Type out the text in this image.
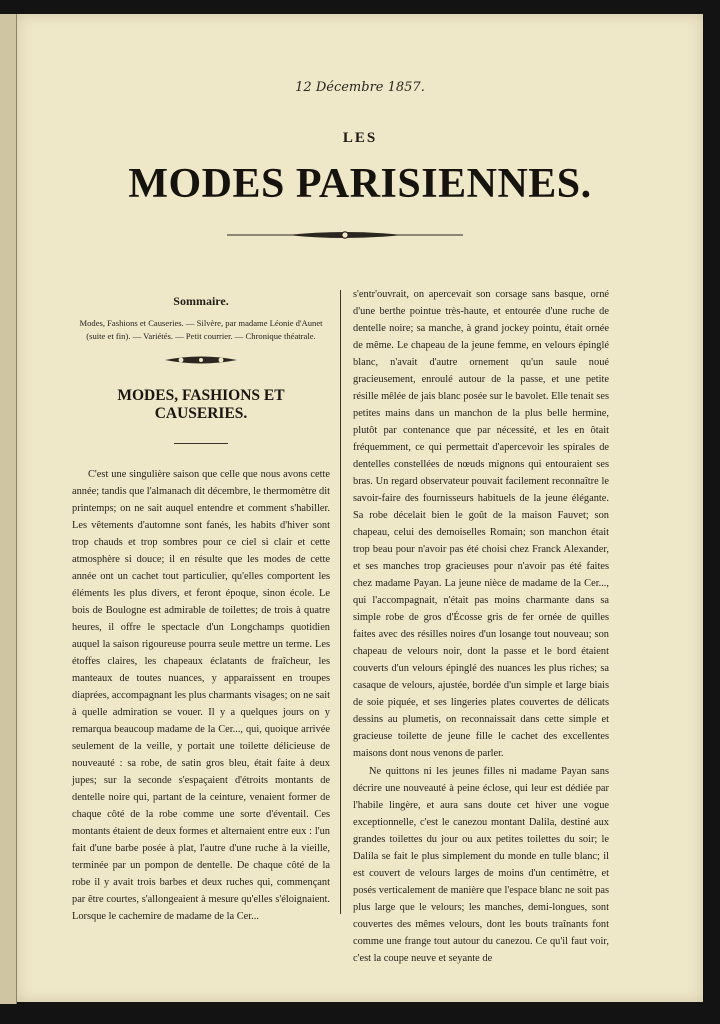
12 Décembre 1857.
LES
MODES PARISIENNES.
Sommaire.

Modes, Fashions et Causeries. — Silvère, par madame Léonie d'Aunet (suite et fin). — Variétés. — Petit courrier. — Chronique théatrale.

MODES, FASHIONS ET CAUSERIES.

C'est une singulière saison que celle que nous avons cette année; tandis que l'almanach dit décembre, le thermomètre dit printemps; on ne sait auquel entendre et comment s'habiller. Les vêtements d'automne sont fanés, les habits d'hiver sont trop chauds et trop sombres pour ce ciel si clair et cette atmosphère si douce; il en résulte que les modes de cette année ont un cachet tout particulier, qu'elles comportent les éléments les plus divers, et feront époque, sinon école. Le bois de Boulogne est admirable de toilettes; de trois à quatre heures, il offre le spectacle d'un Longchamps quotidien auquel la saison rigoureuse pourra seule mettre un terme. Les étoffes claires, les chapeaux éclatants de fraîcheur, les manteaux de toutes nuances, y apparaissent en troupes diaprées, accompagnant les plus charmants visages; on ne sait à quelle admiration se vouer. Il y a quelques jours on y remarqua beaucoup madame de la Cer..., qui, quoique arrivée seulement de la veille, y portait une toilette délicieuse de nouveauté : sa robe, de satin gros bleu, était faite à deux jupes; sur la seconde s'espaçaient d'étroits montants de dentelle noire qui, partant de la ceinture, venaient former de chaque côté de la robe comme une sorte d'éventail. Ces montants étaient de deux formes et alternaient entre eux : l'un fait d'une barbe posée à plat, l'autre d'une ruche à la vieille, terminée par un pompon de dentelle. De chaque côté de la robe il y avait trois barbes et deux ruches qui, commençant par être courtes, s'allongeaient à mesure qu'elles s'éloignaient. Lorsque le cachemire de madame de la Cer...

s'entr'ouvrait, on apercevait son corsage sans basque, orné d'une berthe pointue très-haute, et entourée d'une ruche de dentelle noire; sa manche, à grand jockey pointu, était ornée de même. Le chapeau de la jeune femme, en velours épinglé blanc, n'avait d'autre ornement qu'un saule noué gracieusement, enroulé autour de la passe, et une petite résille mêlée de jais blanc posée sur le bavolet. Elle tenait ses petites mains dans un manchon de la plus belle hermine, plutôt par contenance que par nécessité, et les en ôtait fréquemment, ce qui permettait d'apercevoir les spirales de dentelles constellées de nœuds mignons qui entouraient ses bras. Un regard observateur pouvait facilement reconnaître le savoir-faire des fournisseurs habituels de la jeune élégante. Sa robe décelait bien le goût de la maison Fauvet; son chapeau, celui des demoiselles Romain; son manchon était trop beau pour n'avoir pas été choisi chez Franck Alexander, et ses manches trop gracieuses pour n'avoir pas été faites chez madame Payan. La jeune nièce de madame de la Cer..., qui l'accompagnait, n'était pas moins charmante dans sa simple robe de gros d'Écosse gris de fer ornée de quilles faites avec des résilles noires d'un losange tout nouveau; son chapeau de velours noir, dont la passe et le bord étaient couverts d'un velours épinglé des nuances les plus riches; sa casaque de velours, ajustée, bordée d'un simple et large biais de soie piquée, et ses lingeries plates couvertes de délicats dessins au plumetis, on reconnaissait dans cette simple et gracieuse toilette de jeune fille le cachet des excellentes maisons dont nous venons de parler.

Ne quittons ni les jeunes filles ni madame Payan sans décrire une nouveauté à peine éclose, qui leur est dédiée par l'habile lingère, et aura sans doute cet hiver une vogue exceptionnelle, c'est le canezou montant Dalila, destiné aux grandes toilettes du jour ou aux petites toilettes du soir; le Dalila se fait le plus simplement du monde en tulle blanc; il est couvert de velours larges de moins d'un centimètre, et posés verticalement de manière que l'espace blanc ne soit pas plus large que le velours; les manches, demi-longues, sont couvertes des mêmes velours, dont les bouts traînants font comme une frange tout autour du canezou. Ce qu'il faut voir, c'est la coupe neuve et seyante de
